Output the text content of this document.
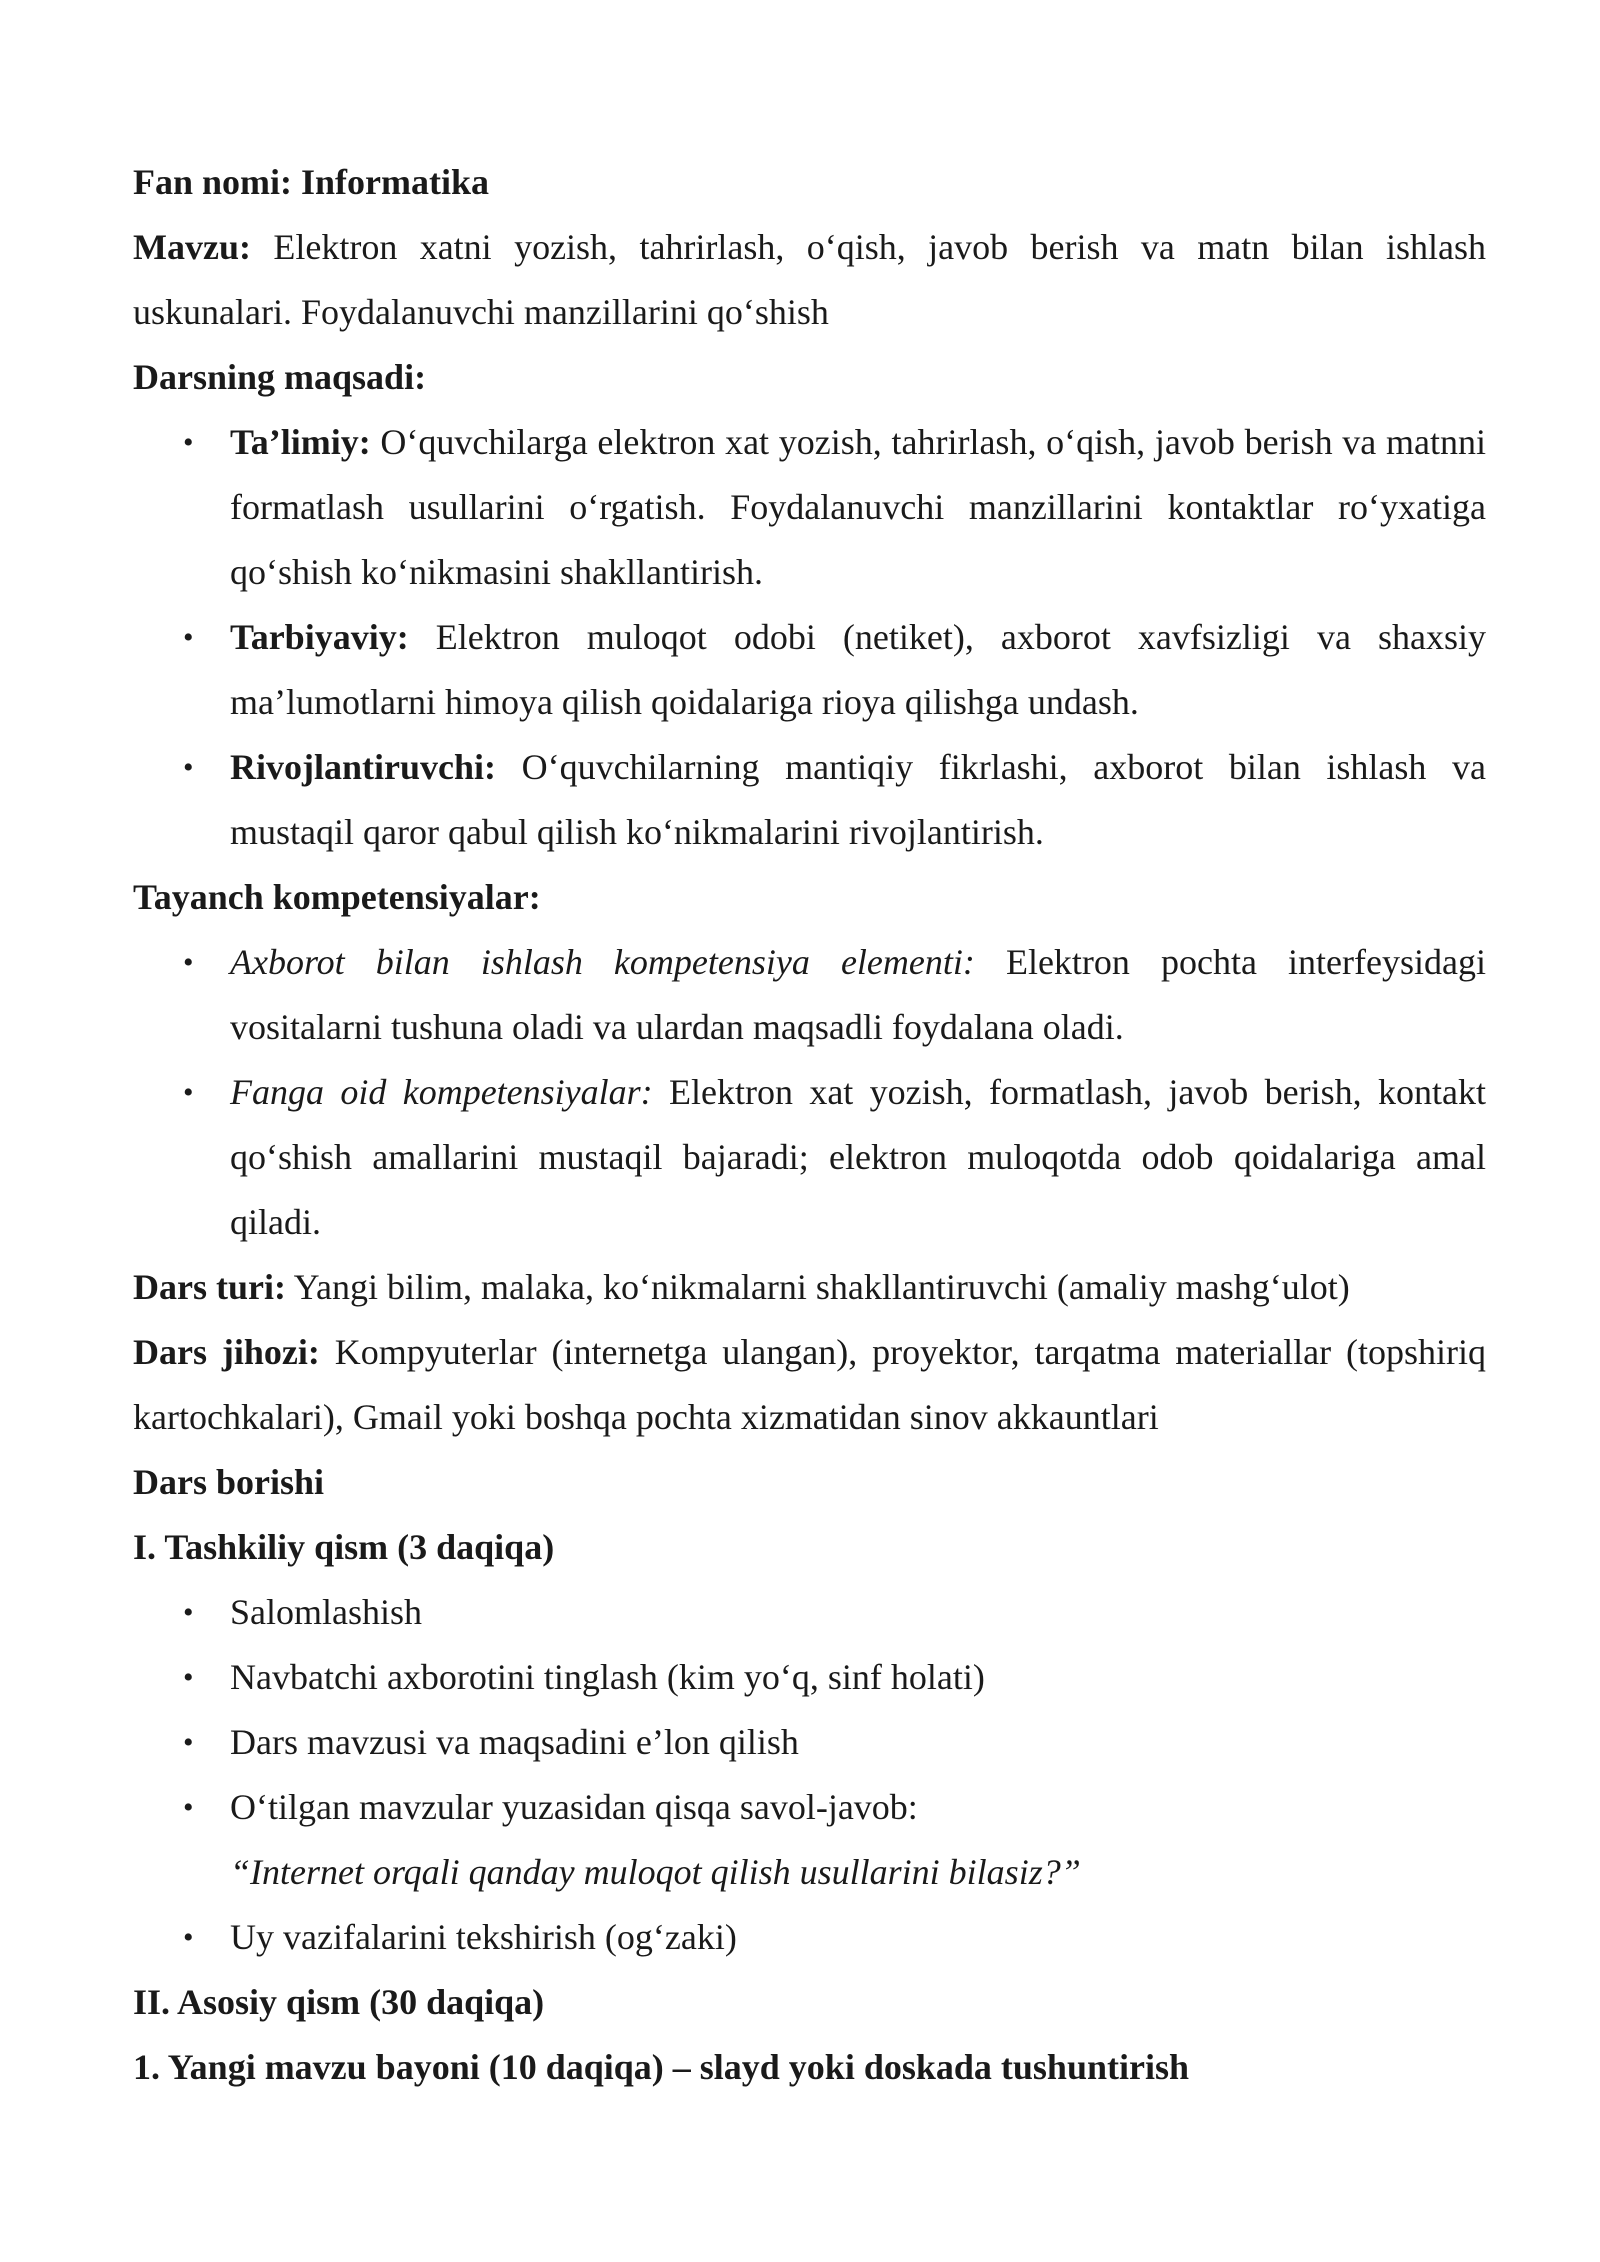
Fan nomi: Informatika

Mavzu: Elektron xatni yozish, tahrirlash, o‘qish, javob berish va matn bilan ishlash uskunalari. Foydalanuvchi manzillarini qo‘shish

Darsning maqsadi:

• Ta’limiy: O‘quvchilarga elektron xat yozish, tahrirlash, o‘qish, javob berish va matnni formatlash usullarini o‘rgatish. Foydalanuvchi manzillarini kontaktlar ro‘yxatiga qo‘shish ko‘nikmasini shakllantirish.
• Tarbiyaviy: Elektron muloqot odobi (netiket), axborot xavfsizligi va shaxsiy ma’lumotlarni himoya qilish qoidalariga rioya qilishga undash.
• Rivojlantiruvchi: O‘quvchilarning mantiqiy fikrlashi, axborot bilan ishlash va mustaqil qaror qabul qilish ko‘nikmalarini rivojlantirish.

Tayanch kompetensiyalar:

• Axborot bilan ishlash kompetensiya elementi: Elektron pochta interfeysidagi vositalarni tushuna oladi va ulardan maqsadli foydalana oladi.
• Fanga oid kompetensiyalar: Elektron xat yozish, formatlash, javob berish, kontakt qo‘shish amallarini mustaqil bajaradi; elektron muloqotda odob qoidalariga amal qiladi.

Dars turi: Yangi bilim, malaka, ko‘nikmalarni shakllantiruvchi (amaliy mashg‘ulot)

Dars jihozi: Kompyuterlar (internetga ulangan), proyektor, tarqatma materiallar (topshiriq kartochkalari), Gmail yoki boshqa pochta xizmatidan sinov akkauntlari

Dars borishi

I. Tashkiliy qism (3 daqiqa)

• Salomlashish
• Navbatchi axborotini tinglash (kim yo‘q, sinf holati)
• Dars mavzusi va maqsadini e’lon qilish
• O‘tilgan mavzular yuzasidan qisqa savol-javob:
“Internet orqali qanday muloqot qilish usullarini bilasiz?”
• Uy vazifalarini tekshirish (og‘zaki)

II. Asosiy qism (30 daqiqa)

1. Yangi mavzu bayoni (10 daqiqa) – slayd yoki doskada tushuntirish
